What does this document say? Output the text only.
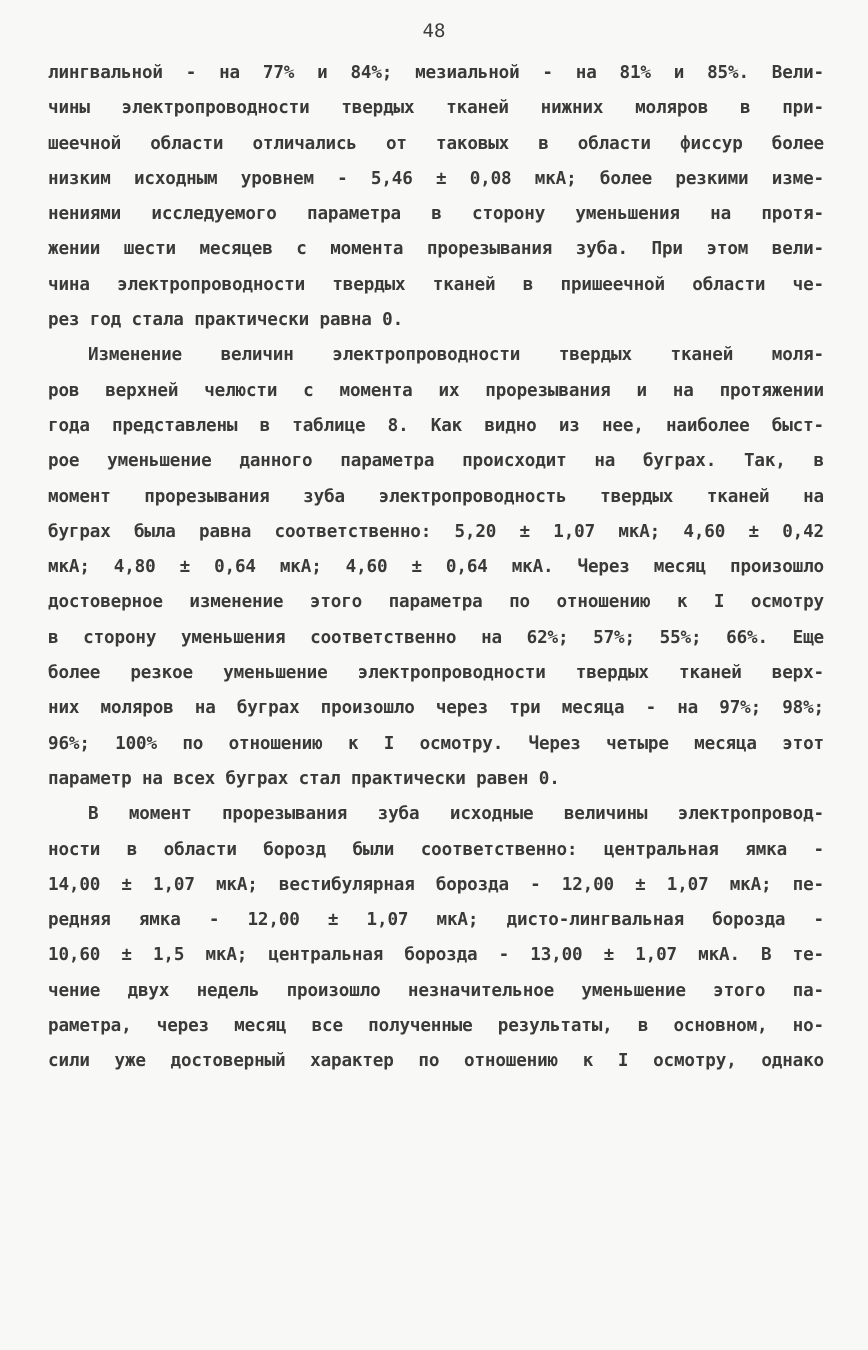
48
лингвальной - на 77% и 84%; мезиальной - на 81% и 85%. Вели-
чины электропроводности твердых тканей нижних моляров в при-
шеечной области отличались от таковых в области фиссур более
низким исходным уровнем - 5,46 ± 0,08 мкА; более резкими изме-
нениями исследуемого параметра в сторону уменьшения на протя-
жении шести месяцев с момента прорезывания зуба. При этом вели-
чина электропроводности твердых тканей в пришеечной области че-
рез год стала практически равна 0.
Изменение величин электропроводности твердых тканей моля-
ров верхней челюсти с момента их прорезывания и на протяжении
года представлены в таблице 8. Как видно из нее, наиболее быст-
рое уменьшение данного параметра происходит на буграх. Так, в
момент прорезывания зуба электропроводность твердых тканей на
буграх была равна соответственно: 5,20 ± 1,07 мкА; 4,60 ± 0,42
мкА; 4,80 ± 0,64 мкА; 4,60 ± 0,64 мкА. Через месяц произошло
достоверное изменение этого параметра по отношению к I осмотру
в сторону уменьшения соответственно на 62%; 57%; 55%; 66%. Еще
более резкое уменьшение электропроводности твердых тканей верх-
них моляров на буграх произошло через три месяца - на 97%; 98%;
96%; 100% по отношению к I осмотру. Через четыре месяца этот
параметр на всех буграх стал практически равен 0.
В момент прорезывания зуба исходные величины электропровод-
ности в области борозд были соответственно: центральная ямка -
14,00 ± 1,07 мкА; вестибулярная борозда - 12,00 ± 1,07 мкА; пе-
редняя ямка - 12,00 ± 1,07 мкА; дисто-лингвальная борозда -
10,60 ± 1,5 мкА; центральная борозда - 13,00 ± 1,07 мкА. В те-
чение двух недель произошло незначительное уменьшение этого па-
раметра, через месяц все полученные результаты, в основном, но-
сили уже достоверный характер по отношению к I осмотру, однако
